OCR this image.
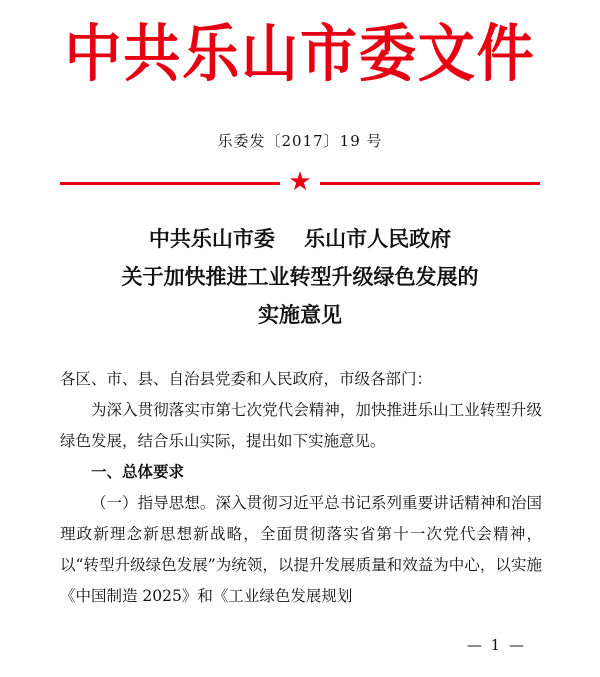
中共乐山市委文件
乐委发〔2017〕19 号
★
中共乐山市委    乐山市人民政府
关于加快推进工业转型升级绿色发展的
实施意见

各区、市、县、自治县党委和人民政府，市级各部门：

为深入贯彻落实市第七次党代会精神，加快推进乐山工业转型升级绿色发展，结合乐山实际，提出如下实施意见。

一、总体要求

（一）指导思想。深入贯彻习近平总书记系列重要讲话精神和治国理政新理念新思想新战略，全面贯彻落实省第十一次党代会精神，以“转型升级绿色发展”为统领，以提升发展质量和效益为中心，以实施《中国制造 2025》和《工业绿色发展规划

— 1 —
